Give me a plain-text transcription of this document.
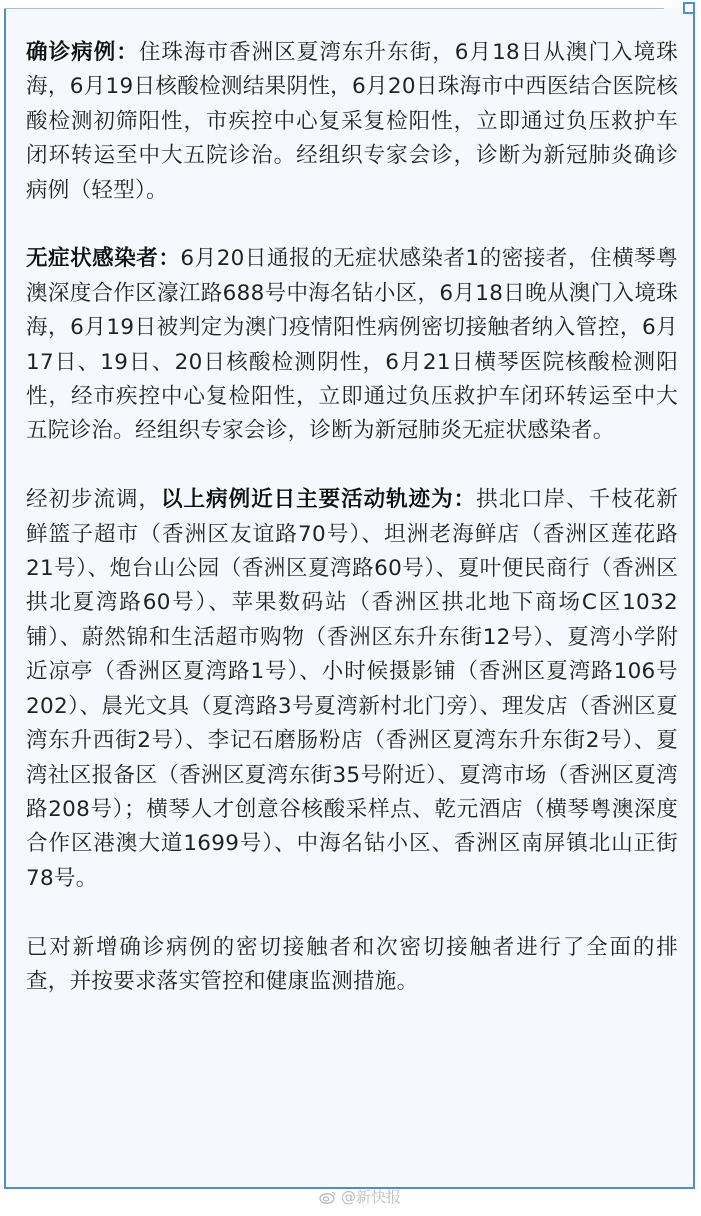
确诊病例：住珠海市香洲区夏湾东升东街，6月18日从澳门入境珠海，6月19日核酸检测结果阴性，6月20日珠海市中西医结合医院核酸检测初筛阳性，市疾控中心复采复检阳性，立即通过负压救护车闭环转运至中大五院诊治。经组织专家会诊，诊断为新冠肺炎确诊病例（轻型）。

无症状感染者：6月20日通报的无症状感染者1的密接者，住横琴粤澳深度合作区濠江路688号中海名钻小区，6月18日晚从澳门入境珠海，6月19日被判定为澳门疫情阳性病例密切接触者纳入管控，6月17日、19日、20日核酸检测阴性，6月21日横琴医院核酸检测阳性，经市疾控中心复检阳性，立即通过负压救护车闭环转运至中大五院诊治。经组织专家会诊，诊断为新冠肺炎无症状感染者。

经初步流调，以上病例近日主要活动轨迹为：拱北口岸、千枝花新鲜篮子超市（香洲区友谊路70号）、坦洲老海鲜店（香洲区莲花路21号）、炮台山公园（香洲区夏湾路60号）、夏叶便民商行（香洲区拱北夏湾路60号）、苹果数码站（香洲区拱北地下商场C区1032铺）、蔚然锦和生活超市购物（香洲区东升东街12号）、夏湾小学附近凉亭（香洲区夏湾路1号）、小时候摄影铺（香洲区夏湾路106号202）、晨光文具（夏湾路3号夏湾新村北门旁）、理发店（香洲区夏湾东升西街2号）、李记石磨肠粉店（香洲区夏湾东升东街2号）、夏湾社区报备区（香洲区夏湾东街35号附近）、夏湾市场（香洲区夏湾路208号）；横琴人才创意谷核酸采样点、乾元酒店（横琴粤澳深度合作区港澳大道1699号）、中海名钻小区、香洲区南屏镇北山正街78号。

已对新增确诊病例的密切接触者和次密切接触者进行了全面的排查，并按要求落实管控和健康监测措施。

@新快报
